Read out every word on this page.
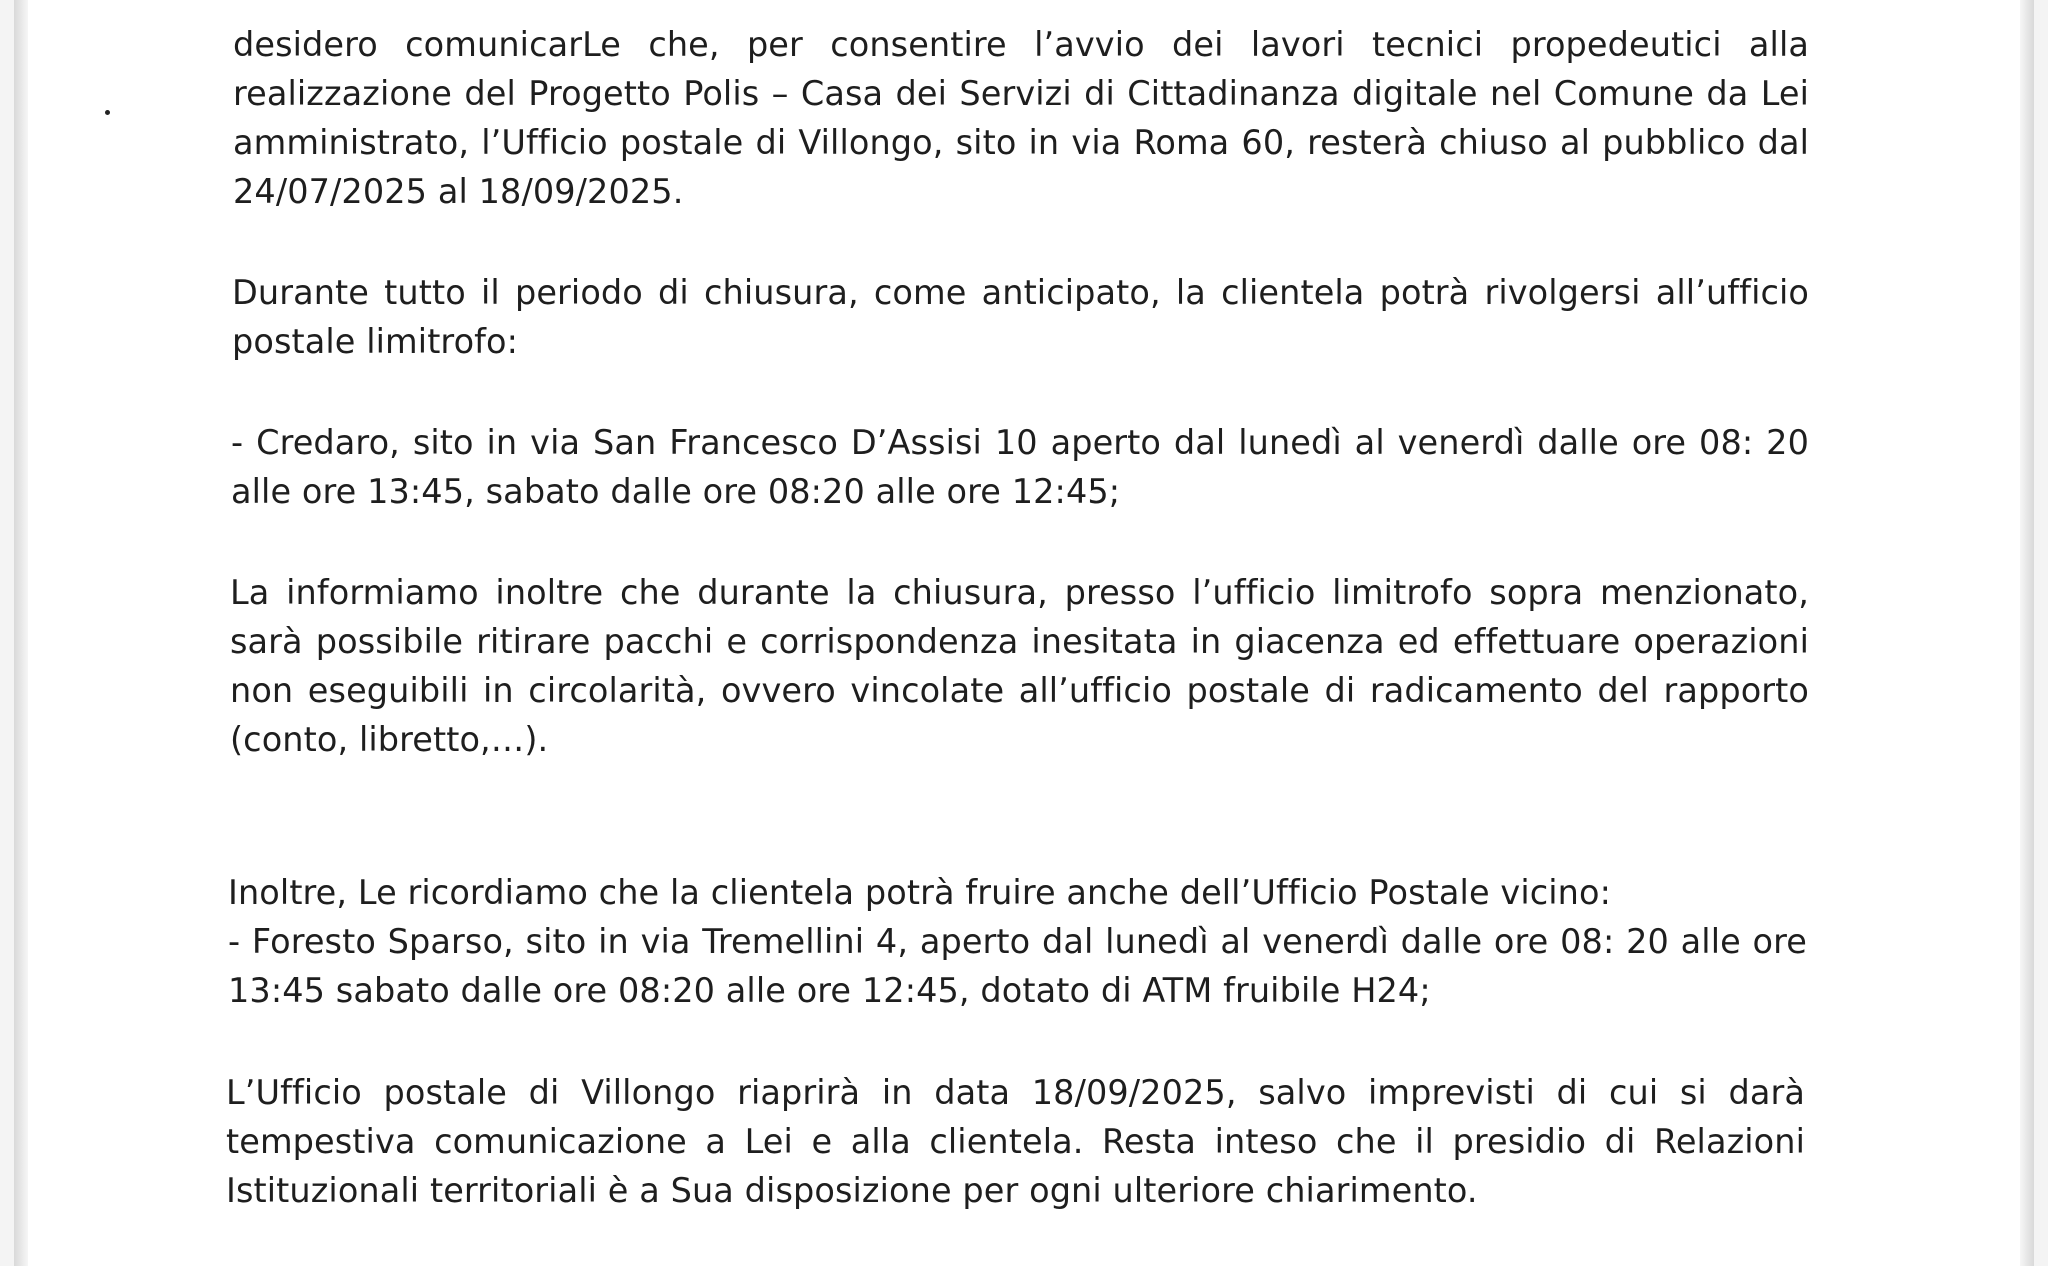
desidero comunicarLe che, per consentire l’avvio dei lavori tecnici propedeutici alla realizzazione del Progetto Polis – Casa dei Servizi di Cittadinanza digitale nel Comune da Lei amministrato, l’Ufficio postale di Villongo, sito in via Roma 60, resterà chiuso al pubblico dal 24/07/2025 al 18/09/2025.

Durante tutto il periodo di chiusura, come anticipato, la clientela potrà rivolgersi all’ufficio postale limitrofo:

- Credaro, sito in via San Francesco D’Assisi 10 aperto dal lunedì al venerdì dalle ore 08: 20 alle ore 13:45, sabato dalle ore 08:20 alle ore 12:45;

La informiamo inoltre che durante la chiusura, presso l’ufficio limitrofo sopra menzionato, sarà possibile ritirare pacchi e corrispondenza inesitata in giacenza ed effettuare operazioni non eseguibili in circolarità, ovvero vincolate all’ufficio postale di radicamento del rapporto (conto, libretto,…).

Inoltre, Le ricordiamo che la clientela potrà fruire anche dell’Ufficio Postale vicino:
- Foresto Sparso, sito in via Tremellini 4, aperto dal lunedì al venerdì dalle ore 08: 20 alle ore 13:45 sabato dalle ore 08:20 alle ore 12:45, dotato di ATM fruibile H24;

L’Ufficio postale di Villongo riaprirà in data 18/09/2025, salvo imprevisti di cui si darà tempestiva comunicazione a Lei e alla clientela. Resta inteso che il presidio di Relazioni Istituzionali territoriali è a Sua disposizione per ogni ulteriore chiarimento.
